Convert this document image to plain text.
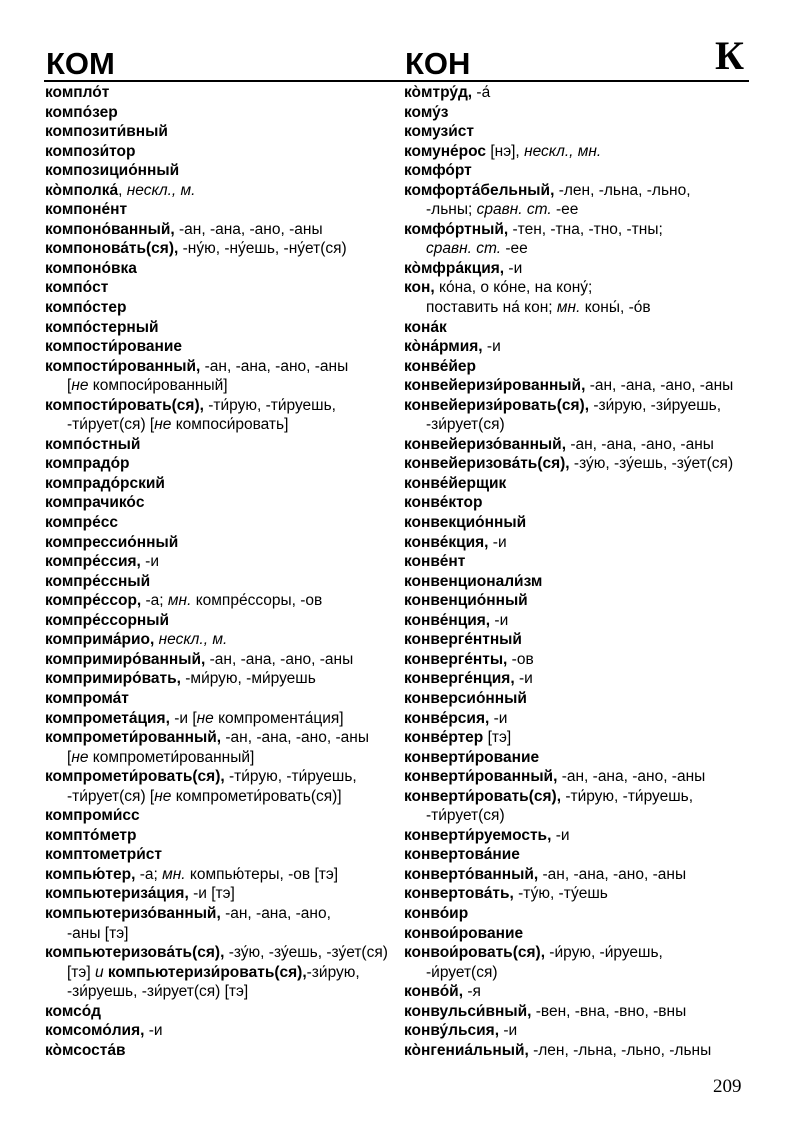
КОМ	КОН	К
компло́т
компо́зер
композити́вный
компози́тор
композицио́нный
ко̀мполка́, нескл., м.
компоне́нт
компоно́ванный, -ан, -ана, -ано, -аны
компонова́ть(ся), -ну́ю, -ну́ешь, -ну́ет(ся)
компоно́вка
компо́ст
компо́стер
компо́стерный
компости́рование
компости́рованный, -ан, -ана, -ано, -аны
[не компоси́рованный]
компости́ровать(ся), -ти́рую, -ти́руешь,
-ти́рует(ся) [не компоси́ровать]
компо́стный
компрадо́р
компрадо́рский
компрачико́с
компре́сс
компрессио́нный
компре́ссия, -и
компре́ссный
компре́ссор, -а; мн. компре́ссоры, -ов
компре́ссорный
комприма́рио, нескл., м.
компримиро́ванный, -ан, -ана, -ано, -аны
компримиро́вать, -ми́рую, -ми́руешь
компрома́т
компромета́ция, -и [не компромента́ция]
компромети́рованный, -ан, -ана, -ано, -аны
[не компромети́рованный]
компромети́ровать(ся), -ти́рую, -ти́руешь,
-ти́рует(ся) [не компромети́ровать(ся)]
компроми́сс
компто́метр
комптометри́ст
компью́тер, -а; мн. компью́теры, -ов [тэ]
компьютериза́ция, -и [тэ]
компьютеризо́ванный, -ан, -ана, -ано,
-аны [тэ]
компьютеризова́ть(ся), -зу́ю, -зу́ешь, -зу́ет(ся)
[тэ] и компьютеризи́ровать(ся),-зи́рую,
-зи́руешь, -зи́рует(ся) [тэ]
комсо́д
комсомо́лия, -и
ко̀мсоста́в
ко̀мтру́д, -а́
кому́з
комузи́ст
комуне́рос [нэ], нескл., мн.
комфо́рт
комфорта́бельный, -лен, -льна, -льно,
-льны; сравн. ст. -ее
комфо́ртный, -тен, -тна, -тно, -тны;
сравн. ст. -ее
ко̀мфра́кция, -и
кон, ко́на, о ко́не, на кону́;
поставить на́ кон; мн. коны́, -о́в
кона́к
ко̀на́рмия, -и
конве́йер
конвейеризи́рованный, -ан, -ана, -ано, -аны
конвейеризи́ровать(ся), -зи́рую, -зи́руешь,
-зи́рует(ся)
конвейеризо́ванный, -ан, -ана, -ано, -аны
конвейеризова́ть(ся), -зу́ю, -зу́ешь, -зу́ет(ся)
конве́йерщик
конве́ктор
конвекцио́нный
конве́кция, -и
конве́нт
конвенционали́зм
конвенцио́нный
конве́нция, -и
конверге́нтный
конверге́нты, -ов
конверге́нция, -и
конверсио́нный
конве́рсия, -и
конве́ртер [тэ]
конверти́рование
конверти́рованный, -ан, -ана, -ано, -аны
конверти́ровать(ся), -ти́рую, -ти́руешь,
-ти́рует(ся)
конверти́руемость, -и
конвертова́ние
конверто́ванный, -ан, -ана, -ано, -аны
конвертова́ть, -ту́ю, -ту́ешь
конво́ир
конвои́рование
конвои́ровать(ся), -и́рую, -и́руешь,
-и́рует(ся)
конво́й, -я
конвульси́вный, -вен, -вна, -вно, -вны
конву́льсия, -и
ко̀нгениа́льный, -лен, -льна, -льно, -льны
209
